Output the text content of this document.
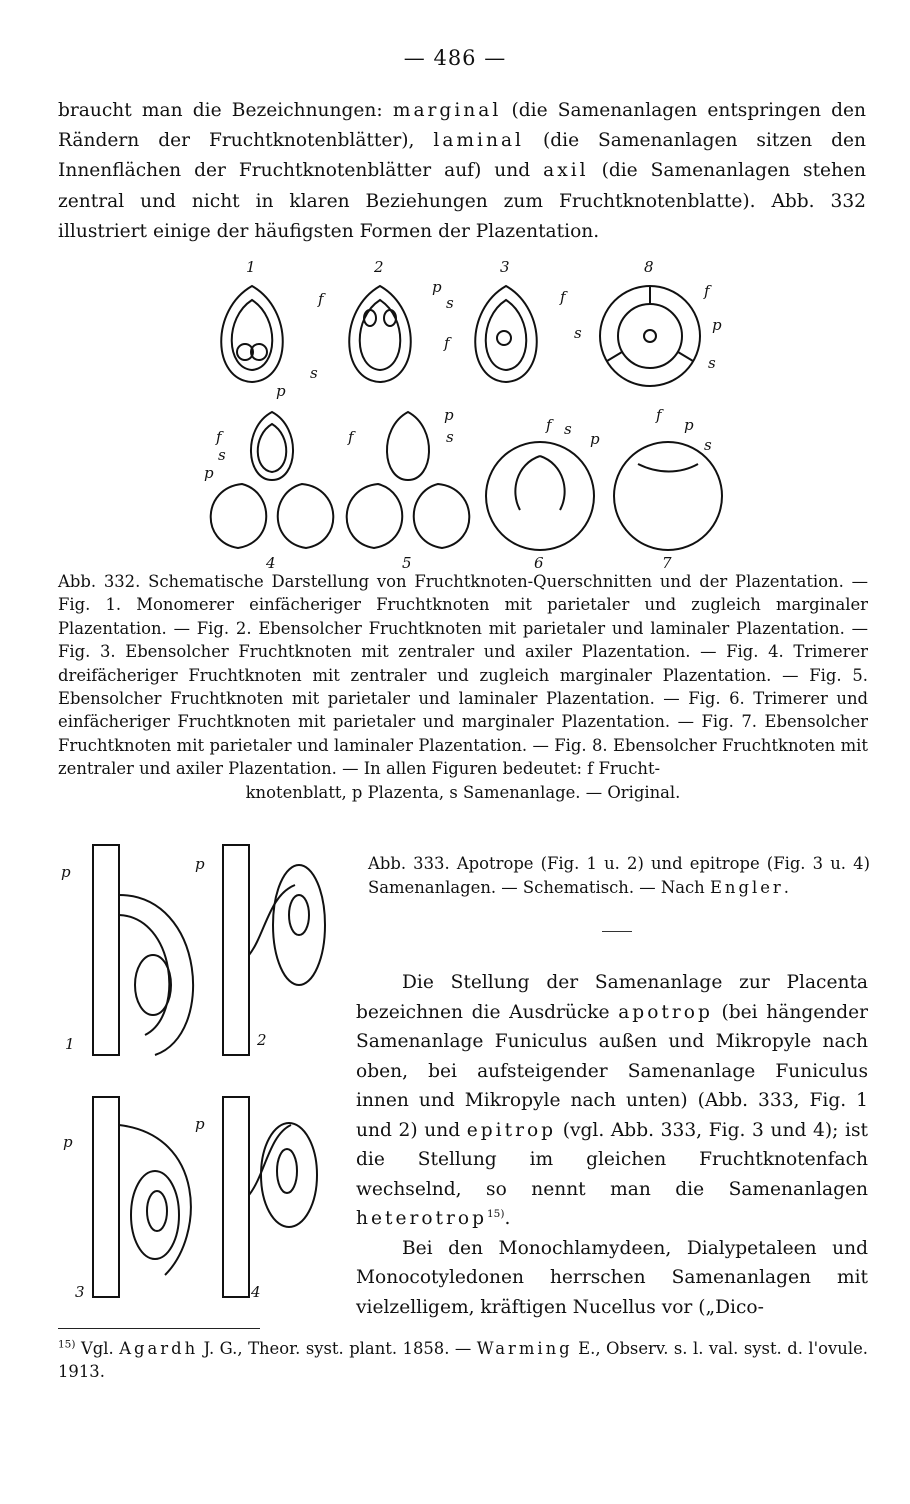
— 486 —
braucht man die Bezeichnungen: marginal (die Samenanlagen entspringen den Rändern der Fruchtknotenblätter), laminal (die Samenanlagen sitzen den Innenflächen der Fruchtknotenblätter auf) und axil (die Samenanlagen stehen zentral und nicht in klaren Beziehungen zum Fruchtknotenblatte). Abb. 332 illustriert einige der häufigsten Formen der Plazentation.
1	2	3	8
4	5	6	7
f
s
p
p
s
f
f
s
f
p
s
f
p
s
p
s
f
f s
p
f
p
s
Abb. 332. Schematische Darstellung von Fruchtknoten-Querschnitten und der Plazentation. — Fig. 1. Monomerer einfächeriger Fruchtknoten mit parietaler und zugleich marginaler Plazentation. — Fig. 2. Ebensolcher Fruchtknoten mit parietaler und laminaler Plazentation. — Fig. 3. Ebensolcher Fruchtknoten mit zentraler und axiler Plazentation. — Fig. 4. Trimerer dreifächeriger Fruchtknoten mit zentraler und zugleich marginaler Plazentation. — Fig. 5. Ebensolcher Fruchtknoten mit parietaler und laminaler Plazentation. — Fig. 6. Trimerer und einfächeriger Fruchtknoten mit parietaler und marginaler Plazentation. — Fig. 7. Ebensolcher Fruchtknoten mit parietaler und laminaler Plazentation. — Fig. 8. Ebensolcher Fruchtknoten mit zentraler und axiler Plazentation. — In allen Figuren bedeutet: f Frucht-
knotenblatt, p Plazenta, s Samenanlage. — Original.
p	p
p
p
1	2
3	4
Abb. 333. Apotrope (Fig. 1 u. 2) und epitrope (Fig. 3 u. 4) Samenanlagen. — Schematisch. — Nach Engler.

Die Stellung der Samenanlage zur Placenta bezeichnen die Ausdrücke apotrop (bei hängender Samenanlage Funiculus außen und Mikropyle nach oben, bei aufsteigender Samenanlage Funiculus innen und Mikropyle nach unten) (Abb. 333, Fig. 1 und 2) und epitrop (vgl. Abb. 333, Fig. 3 und 4); ist die Stellung im gleichen Fruchtknotenfach wechselnd, so nennt man die Samenanlagen heterotrop$^{15)}$.

Bei den Monochlamydeen, Dialypetaleen und Monocotyledonen herrschen Samenanlagen mit vielzelligem, kräftigen Nucellus vor („Dico-

$^{15)}$ Vgl. Agardh J. G., Theor. syst. plant. 1858. — Warming E., Observ. s. l. val. syst. d. l'ovule. 1913.
